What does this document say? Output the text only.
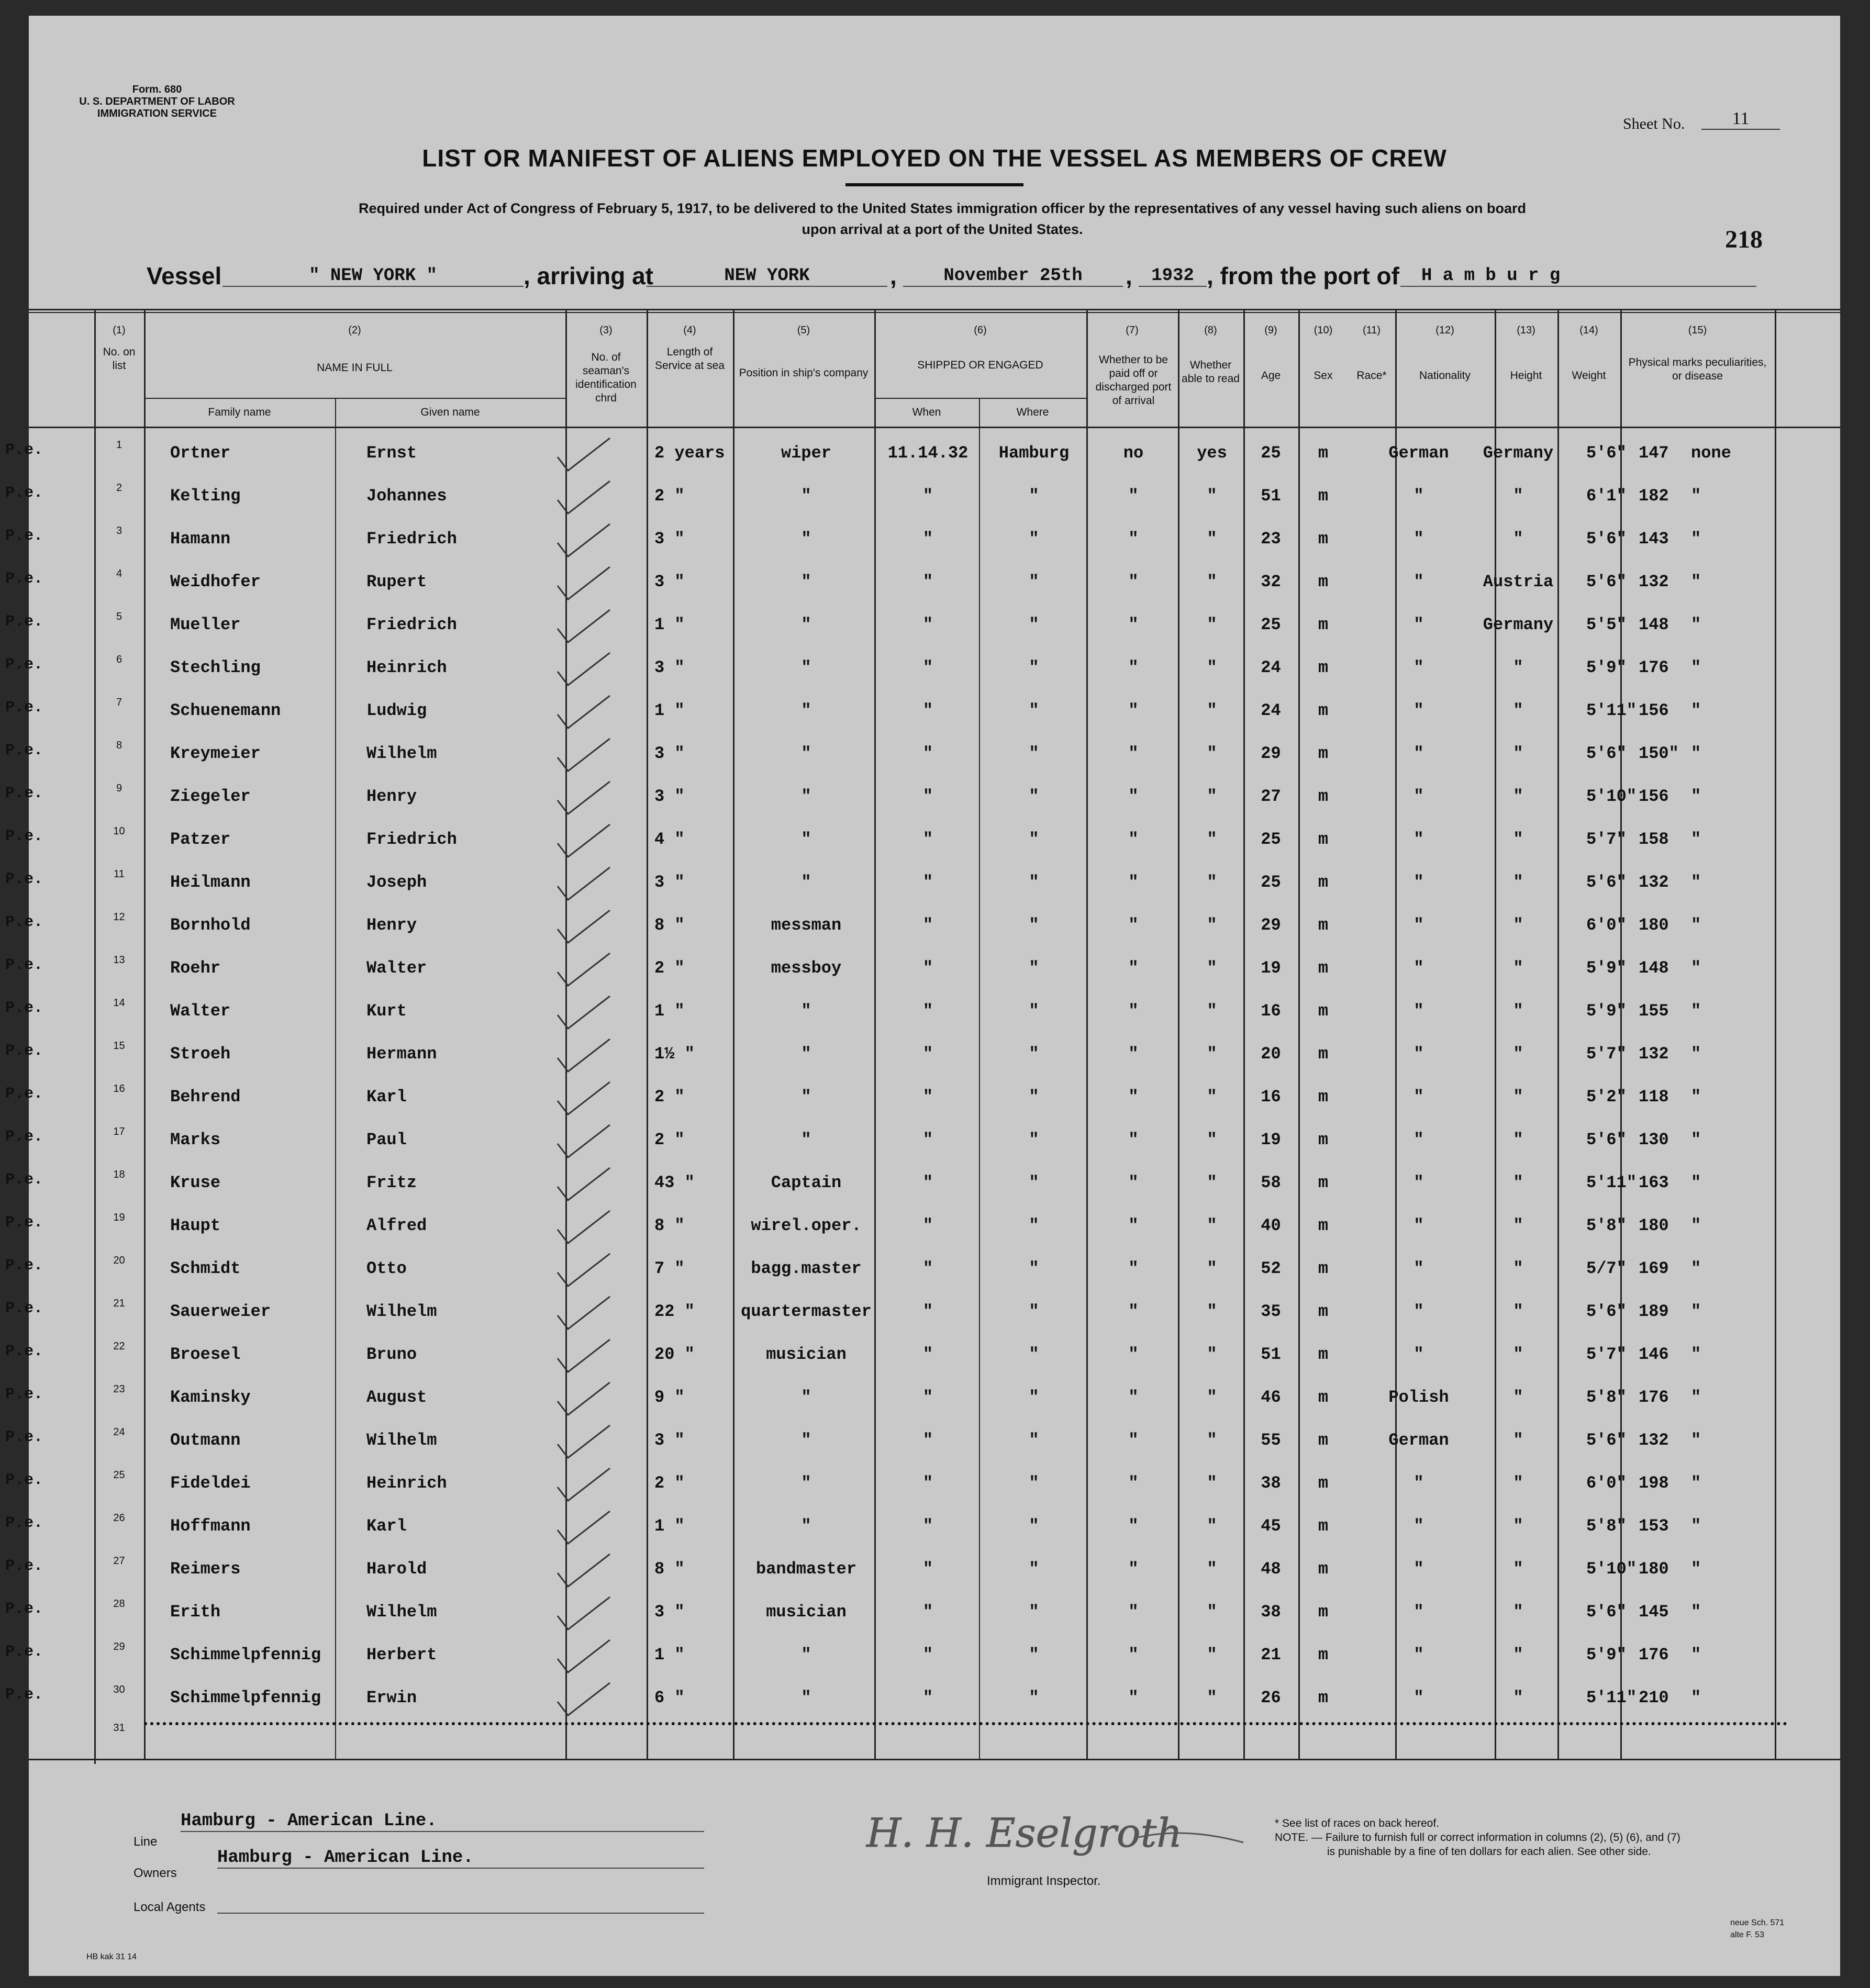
Form. 680
U. S. DEPARTMENT OF LABOR
IMMIGRATION SERVICE
Sheet No.	11
LIST OR MANIFEST OF ALIENS EMPLOYED ON THE VESSEL AS MEMBERS OF CREW
Required under Act of Congress of February 5, 1917, to be delivered to the United States immigration officer by the representatives of any vessel having such aliens on board
upon arrival at a port of the United States.	218
Vessel	" NEW YORK "	, arriving at	NEW YORK	,	November 25th	,	1932 , from the port of	H a m b u r g
(1)	(2)	(3)	(4)	(5)	(6)	(7)	(8)	(9)	(10)	(11)	(12)	(13)	(14)	(15)
No. on list	NAME IN FULL
Family name	Given name
No. of seaman's identification chrd
Length of Service at sea
Position in ship's company
SHIPPED OR ENGAGED
When	Where
Whether to be paid off or discharged port of arrival
Whether able to read	Age	Sex	Race*	Nationality	Height	Weight
Physical marks peculiarities, or disease
P.e.	1	Ortner	Ernst	2 years	wiper	11.14.32	Hamburg	no	yes	25	m	German	Germany	5'6" 147	none
P.e.	2	Kelting	Johannes	2 "	"	"	"	"	"	51	m	"	"	6'1" 182	"
P.e.	3	Hamann	Friedrich	3 "	"	"	"	"	"	23	m	"	"	5'6" 143	"
P.e.	4	Weidhofer	Rupert	3 "	"	"	"	"	"	32	m	"	Austria	5'6" 132	"
P.e.	5	Mueller	Friedrich	1 "	"	"	"	"	"	25	m	"	Germany	5'5" 148	"
P.e.	6	Stechling	Heinrich	3 "	"	"	"	"	"	24	m	"	"	5'9" 176	"
P.e.	7	Schuenemann	Ludwig	1 "	"	"	"	"	"	24	m	"	"	5'11" 156	"
P.e.	8	Kreymeier	Wilhelm	3 "	"	"	"	"	"	29	m	"	"	5'6" 150" "
P.e.	9	Ziegeler	Henry	3 "	"	"	"	"	"	27	m	"	"	5'10" 156	"
P.e.	10	Patzer	Friedrich	4 "	"	"	"	"	"	25	m	"	"	5'7" 158	"
P.e.	11	Heilmann	Joseph	3 "	"	"	"	"	"	25	m	"	"	5'6" 132	"
P.e.	12	Bornhold	Henry	8 "	messman	"	"	"	"	29	m	"	"	6'0" 180	"
P.e.	13	Roehr	Walter	2 "	messboy	"	"	"	"	19	m	"	"	5'9" 148	"
P.e.	14	Walter	Kurt	1 "	"	"	"	"	"	16	m	"	"	5'9" 155	"
P.e.	15	Stroeh	Hermann	1½ "	"	"	"	"	"	20	m	"	"	5'7" 132	"
P.e.	16	Behrend	Karl	2 "	"	"	"	"	"	16	m	"	"	5'2" 118	"
P.e.	17	Marks	Paul	2 "	"	"	"	"	"	19	m	"	"	5'6" 130	"
P.e.	18	Kruse	Fritz	43 "	Captain	"	"	"	"	58	m	"	"	5'11" 163	"
P.e.	19	Haupt	Alfred	8 "	wirel.oper.	"	"	"	"	40	m	"	"	5'8" 180	"
P.e.	20	Schmidt	Otto	7 "	bagg.master	"	"	"	"	52	m	"	"	5/7" 169	"
P.e.	21	Sauerweier	Wilhelm	22 "	quartermaster	"	"	"	"	35	m	"	"	5'6" 189	"
P.e.	22	Broesel	Bruno	20 "	musician	"	"	"	"	51	m	"	"	5'7" 146	"
P.e.	23	Kaminsky	August	9 "	"	"	"	"	"	46	m	Polish	"	5'8" 176	"
P.e.	24	Outmann	Wilhelm	3 "	"	"	"	"	"	55	m	German	"	5'6" 132	"
P.e.	25	Fideldei	Heinrich	2 "	"	"	"	"	"	38	m	"	"	6'0" 198	"
P.e.	26	Hoffmann	Karl	1 "	"	"	"	"	"	45	m	"	"	5'8" 153	"
P.e.	27	Reimers	Harold	8 "	bandmaster	"	"	"	"	48	m	"	"	5'10" 180	"
P.e.	28	Erith	Wilhelm	3 "	musician	"	"	"	"	38	m	"	"	5'6" 145	"
P.e.	29	Schimmelpfennig	Herbert	1 "	"	"	"	"	"	21	m	"	"	5'9" 176	"
P.e.	30	Schimmelpfennig	Erwin	6 "	"	"	"	"	"	26	m	"	"	5'11" 210	"
31
Line
Hamburg - American Line.
Owners
Hamburg - American Line.
Local Agents
H. H. Eselgroth
Immigrant Inspector.
* See list of races on back hereof.
NOTE. — Failure to furnish full or correct information in columns (2), (5) (6), and (7)
is punishable by a fine of ten dollars for each alien. See other side.
neue Sch. 571
alte F. 53
HB kak 31 14
